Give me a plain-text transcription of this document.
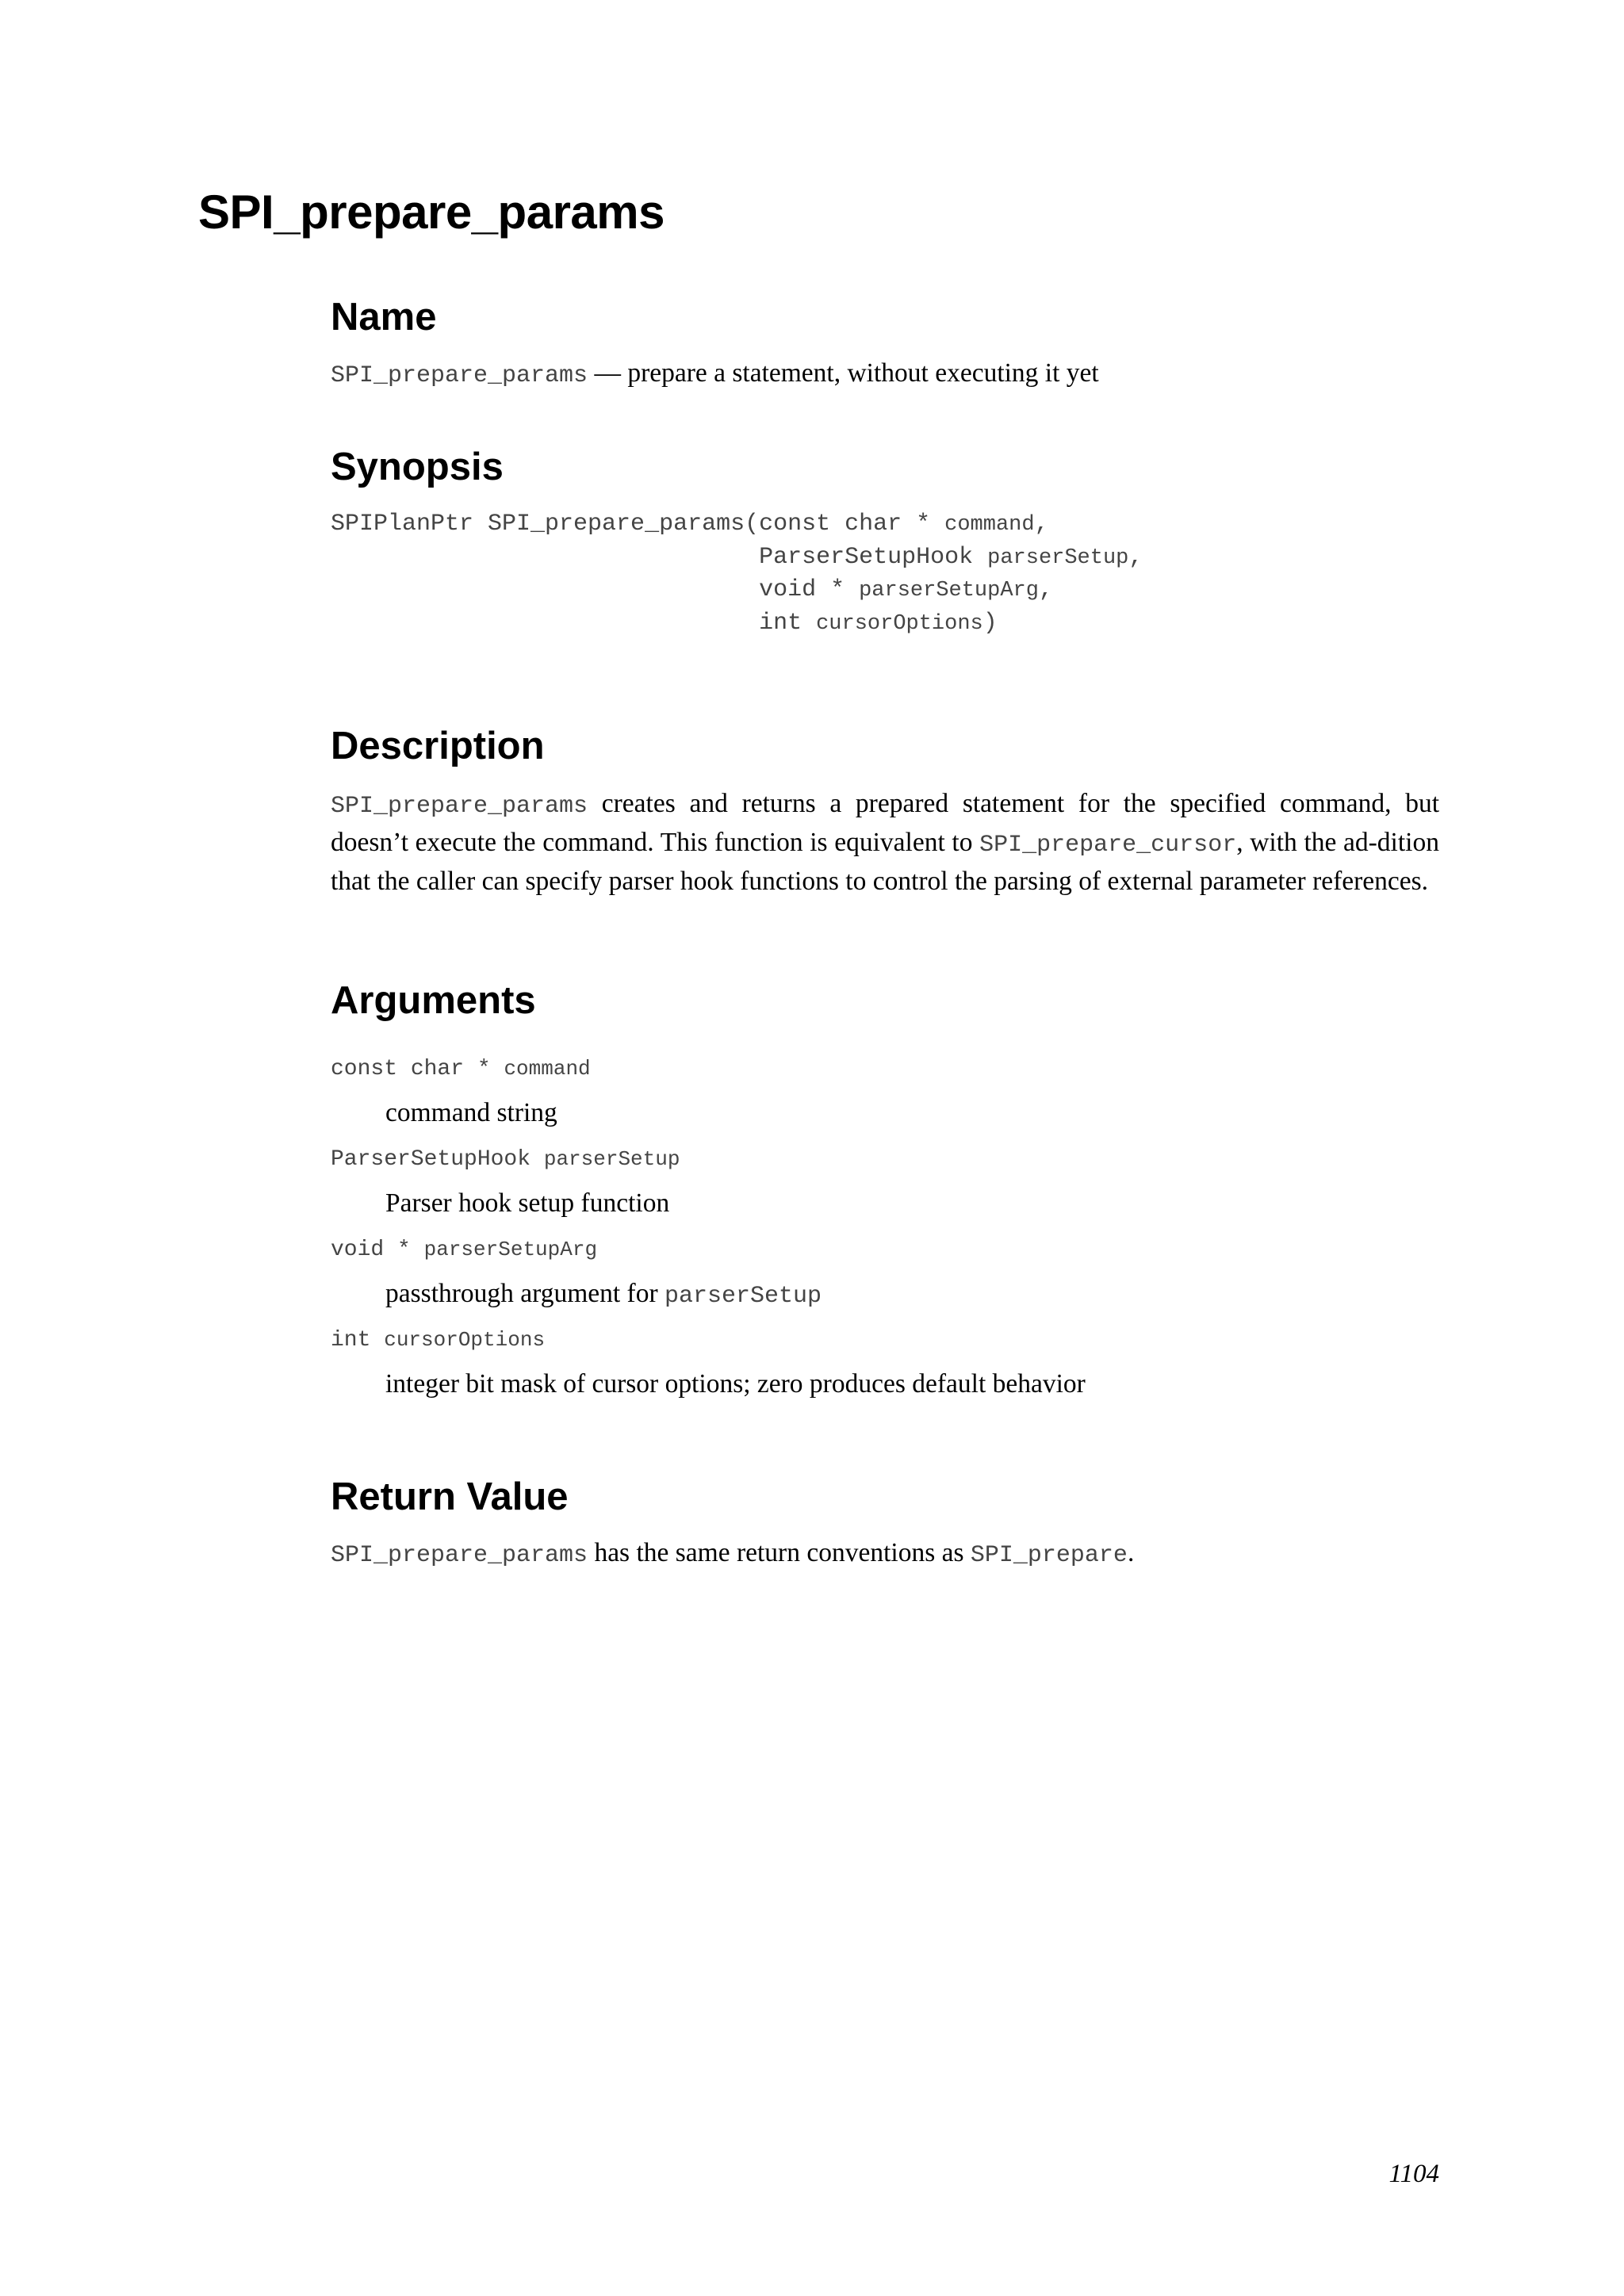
SPI_prepare_params
Name

SPI_prepare_params — prepare a statement, without executing it yet

Synopsis
SPIPlanPtr SPI_prepare_params(const char * command,
ParserSetupHook parserSetup,
void * parserSetupArg,
int cursorOptions)
Description

SPI_prepare_params creates and returns a prepared statement for the specified command, but doesn’t execute the command. This function is equivalent to SPI_prepare_cursor, with the ad-dition that the caller can specify parser hook functions to control the parsing of external parameter references.

Arguments

const char * command

command string

ParserSetupHook parserSetup

Parser hook setup function

void * parserSetupArg

passthrough argument for parserSetup

int cursorOptions

integer bit mask of cursor options; zero produces default behavior

Return Value

SPI_prepare_params has the same return conventions as SPI_prepare.

1104
